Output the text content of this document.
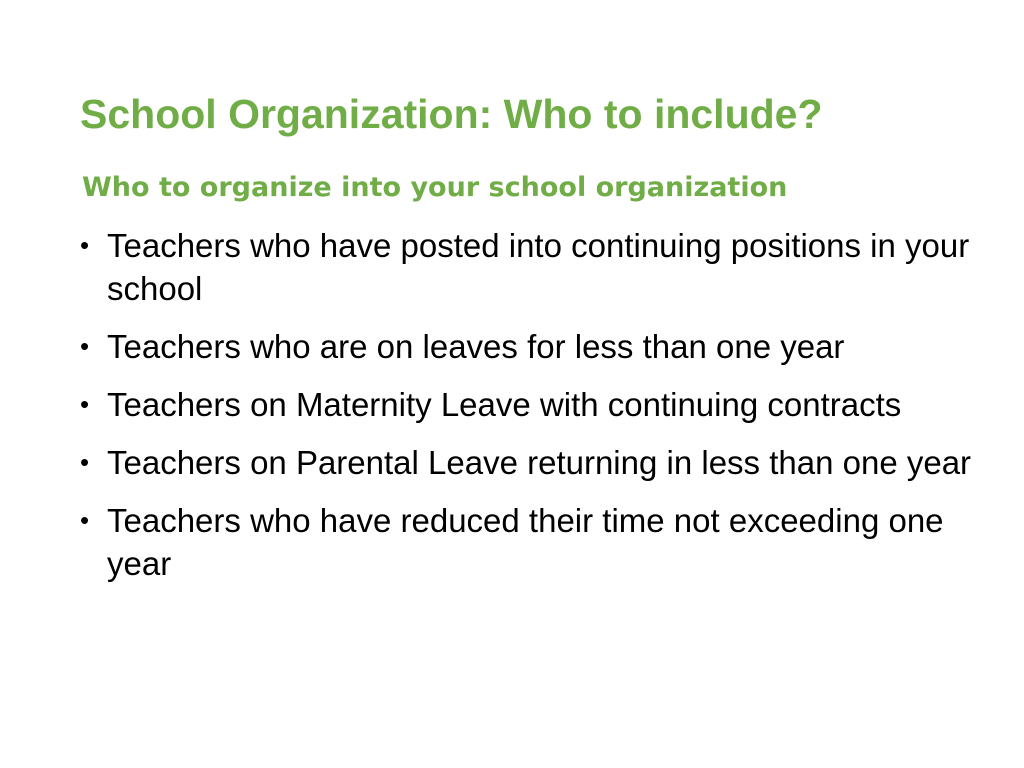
School Organization: Who to include?
Who to organize into your school organization
• Teachers who have posted into continuing positions in your school
• Teachers who are on leaves for less than one year
• Teachers on Maternity Leave with continuing contracts
• Teachers on Parental Leave returning in less than one year
• Teachers who have reduced their time not exceeding one year
